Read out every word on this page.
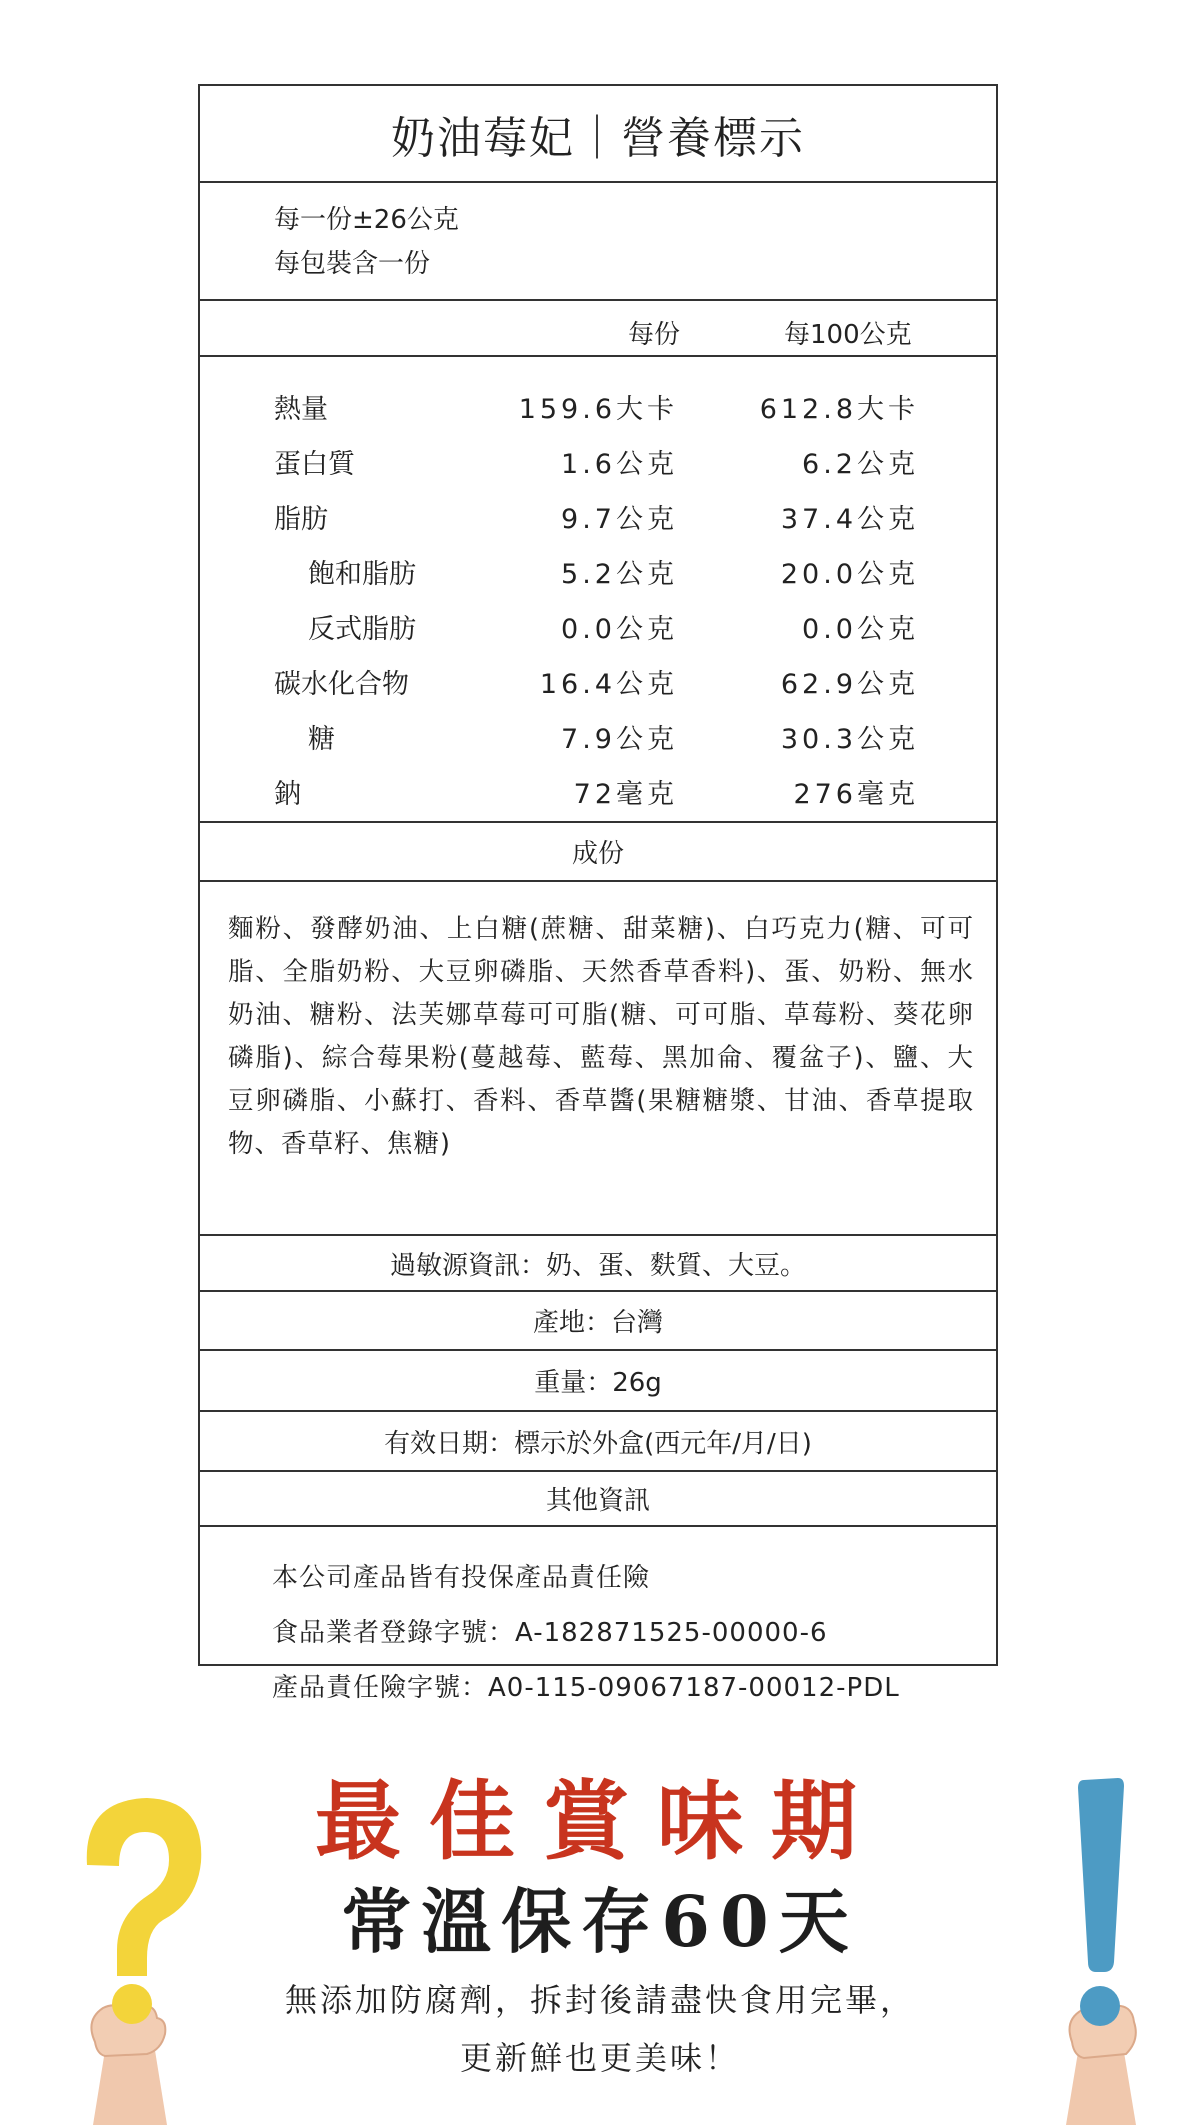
奶油莓妃｜營養標示
每一份±26公克
每包裝含一份
每份	每100公克
熱量	159.6大卡	612.8大卡
蛋白質	1.6公克	6.2公克
脂肪	9.7公克	37.4公克
飽和脂肪	5.2公克	20.0公克
反式脂肪	0.0公克	0.0公克
碳水化合物	16.4公克	62.9公克
糖	7.9公克	30.3公克
鈉	72毫克	276毫克
成份
麵粉、發酵奶油、上白糖(蔗糖、甜菜糖)、白巧克力(糖、可可脂、全脂奶粉、大豆卵磷脂、天然香草香料)、蛋、奶粉、無水奶油、糖粉、法芙娜草莓可可脂(糖、可可脂、草莓粉、葵花卵磷脂)、綜合莓果粉(蔓越莓、藍莓、黑加侖、覆盆子)、鹽、大豆卵磷脂、小蘇打、香料、香草醬(果糖糖漿、甘油、香草提取物、香草籽、焦糖)
過敏源資訊：奶、蛋、麩質、大豆。
產地：台灣
重量：26g
有效日期：標示於外盒(西元年/月/日)
其他資訊
本公司產品皆有投保產品責任險
食品業者登錄字號：A-182871525-00000-6
產品責任險字號：A0-115-09067187-00012-PDL
最佳賞味期
常溫保存60天
無添加防腐劑，拆封後請盡快食用完畢，
更新鮮也更美味！
